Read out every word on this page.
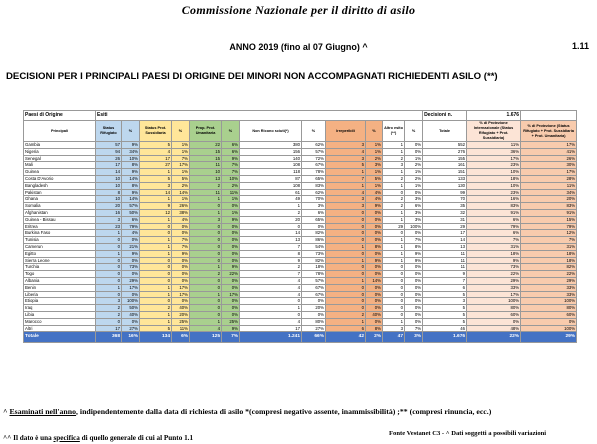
Commissione Nazionale per il diritto di asilo
ANNO 2019 (fino al 07 Giugno) ^	1.11
DECISIONI PER I PRINCIPALI PAESI DI ORIGINE DEI MINORI NON ACCOMPAGNATI RICHIEDENTI ASILO (**)
Paesi di Origine	Esiti												Decisioni n.	1.676	
Principali	Status Rifugiato	%	Status Prot. Sussidiaria	%	Prop. Prot. Umanitaria	%	Non Ricono sciuti(*)	%	Irreperibili	%	Altro esito (**)	%	Totale	% di Protezione Internazionale (Status Rifugiato + Prot. Sussidiaria)	% di Protezione (Status Rifugiato + Prot. Sussidiaria + Prot. Umanitaria)
Gambia	57	9%	5	1%	22	6%	380	62%	3	1%	1	0%	552	11%	17%
Nigeria	94	34%	4	1%	15	6%	156	57%	4	1%	1	0%	276	36%	41%
Senegal	26	10%	17	7%	15	9%	140	72%	3	2%	2	1%	155	17%	26%
Mali	17	8%	27	17%	11	7%	108	67%	5	3%	3	2%	161	23%	30%
Guinea	14	9%	1	1%	10	7%	118	78%	1	1%	1	1%	151	10%	17%
Costa D'Avorio	10	14%	5	5%	13	10%	87	65%	7	5%	2	2%	133	18%	28%
Bangladesh	10	8%	3	2%	2	2%	108	83%	1	1%	1	1%	130	10%	11%
Pakistan	8	9%	14	14%	11	11%	61	62%	4	4%	0	0%	99	23%	34%
Ghana	10	14%	1	1%	1	1%	49	70%	3	4%	2	3%	70	16%	20%
Somalia	20	57%	9	26%	0	0%	1	3%	3	9%	2	6%	35	83%	83%
Afghanistan	16	50%	12	38%	1	1%	2	6%	0	0%	1	3%	32	91%	91%
Guinea - Bissau	3	6%	1	4%	3	9%	20	65%	0	0%	1	3%	31	6%	15%
Eritrea	23	79%	0	0%	0	0%	0	0%	0	0%	29	100%	29	79%	79%
Burkina Faso	1	4%	0	0%	0	0%	14	82%	0	0%	0	0%	17	6%	12%
Tunisia	0	0%	1	7%	0	0%	13	86%	0	0%	1	7%	14	7%	7%
Camerun	0	21%	1	7%	0	0%	7	54%	1	8%	1	8%	13	31%	31%
Egitto	1	9%	1	9%	0	0%	8	73%	0	0%	1	9%	11	18%	18%
Sierra Leone	0	0%	0	0%	0	0%	9	82%	1	9%	1	9%	11	9%	18%
Turchia	0	73%	0	0%	1	9%	2	18%	0	0%	0	0%	11	73%	82%
Togo	0	0%	0	0%	2	22%	7	78%	0	0%	0	0%	9	22%	22%
Albania	0	29%	0	0%	0	0%	4	57%	1	14%	0	0%	7	29%	29%
Benin	1	17%	1	17%	0	0%	4	67%	0	0%	0	0%	6	33%	33%
Liberia	0	0%	1	17%	1	17%	4	67%	0	0%	0	0%	5	17%	33%
Etiopia	3	100%	0	0%	0	0%	0	0%	0	0%	0	0%	3	100%	100%
Iraq	2	50%	2	40%	0	0%	1	20%	0	0%	0	0%	5	80%	80%
Libia	2	40%	1	20%	0	0%	0	0%	2	40%	0	0%	5	60%	60%
Marocco	0	0%	1	25%	1	25%	4	80%	1	0%	1	0%	5	0%	0%
Altri	17	27%	5	11%	4	9%	17	27%	6	8%	3	7%	46	48%	100%
Totale	368	16%	134	6%	125	7%	1.241	66%	42	2%	47	3%	1.676	22%	29%
^ Esaminati nell'anno, indipendentemente dalla data di richiesta di asilo *(compresi negativo assente, inammissibilità) ;** (compresi rinuncia, ecc.)
^^ Il dato è una specifica di quello generale di cui al Punto 1.1
Fonte Vestanet C3 - ^ Dati soggetti a possibili variazioni
